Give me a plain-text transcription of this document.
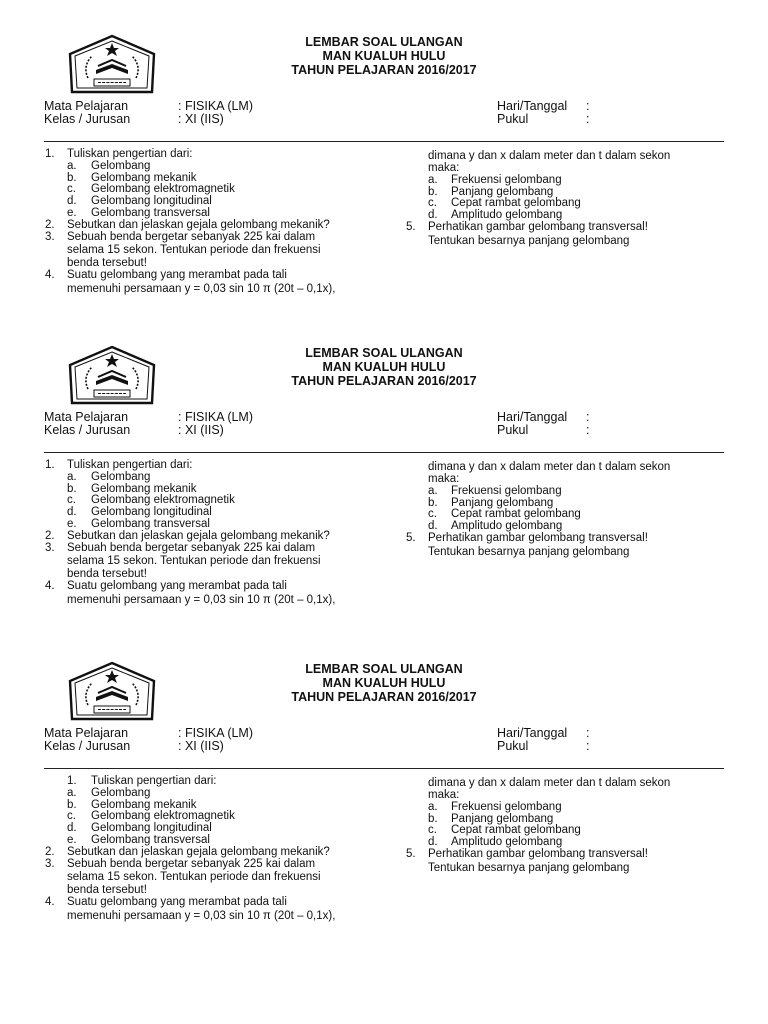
LEMBAR SOAL ULANGAN
MAN KUALUH HULU
TAHUN PELAJARAN 2016/2017
Mata Pelajaran	: FISIKA (LM)
Kelas / Jurusan	: XI (IIS)
Hari/Tanggal :
Pukul	:
1. Tuliskan pengertian dari:
a. Gelombang
b. Gelombang mekanik
c. Gelombang elektromagnetik
d. Gelombang longitudinal
e. Gelombang transversal
2. Sebutkan dan jelaskan gejala gelombang mekanik?
3. Sebuah benda bergetar sebanyak 225 kai dalam
selama 15 sekon. Tentukan periode dan frekuensi
benda tersebut!
4. Suatu gelombang yang merambat pada tali
memenuhi persamaan y = 0,03 sin 10 π (20t – 0,1x),
dimana y dan x dalam meter dan t dalam sekon
maka:
a. Frekuensi gelombang
b. Panjang gelombang
c. Cepat rambat gelombang
d. Amplitudo gelombang
5. Perhatikan gambar gelombang transversal!
Tentukan besarnya panjang gelombang
LEMBAR SOAL ULANGAN
MAN KUALUH HULU
TAHUN PELAJARAN 2016/2017
Mata Pelajaran	: FISIKA (LM)
Kelas / Jurusan	: XI (IIS)
Hari/Tanggal :
Pukul	:
1. Tuliskan pengertian dari:
a. Gelombang
b. Gelombang mekanik
c. Gelombang elektromagnetik
d. Gelombang longitudinal
e. Gelombang transversal
2. Sebutkan dan jelaskan gejala gelombang mekanik?
3. Sebuah benda bergetar sebanyak 225 kai dalam
selama 15 sekon. Tentukan periode dan frekuensi
benda tersebut!
4. Suatu gelombang yang merambat pada tali
memenuhi persamaan y = 0,03 sin 10 π (20t – 0,1x),
dimana y dan x dalam meter dan t dalam sekon
maka:
a. Frekuensi gelombang
b. Panjang gelombang
c. Cepat rambat gelombang
d. Amplitudo gelombang
5. Perhatikan gambar gelombang transversal!
Tentukan besarnya panjang gelombang
LEMBAR SOAL ULANGAN
MAN KUALUH HULU
TAHUN PELAJARAN 2016/2017
Mata Pelajaran	: FISIKA (LM)
Kelas / Jurusan	: XI (IIS)
Hari/Tanggal :
Pukul	:
1. Tuliskan pengertian dari:
a. Gelombang
b. Gelombang mekanik
c. Gelombang elektromagnetik
d. Gelombang longitudinal
e. Gelombang transversal
2. Sebutkan dan jelaskan gejala gelombang mekanik?
3. Sebuah benda bergetar sebanyak 225 kai dalam
selama 15 sekon. Tentukan periode dan frekuensi
benda tersebut!
4. Suatu gelombang yang merambat pada tali
memenuhi persamaan y = 0,03 sin 10 π (20t – 0,1x),
dimana y dan x dalam meter dan t dalam sekon
maka:
a. Frekuensi gelombang
b. Panjang gelombang
c. Cepat rambat gelombang
d. Amplitudo gelombang
5. Perhatikan gambar gelombang transversal!
Tentukan besarnya panjang gelombang
